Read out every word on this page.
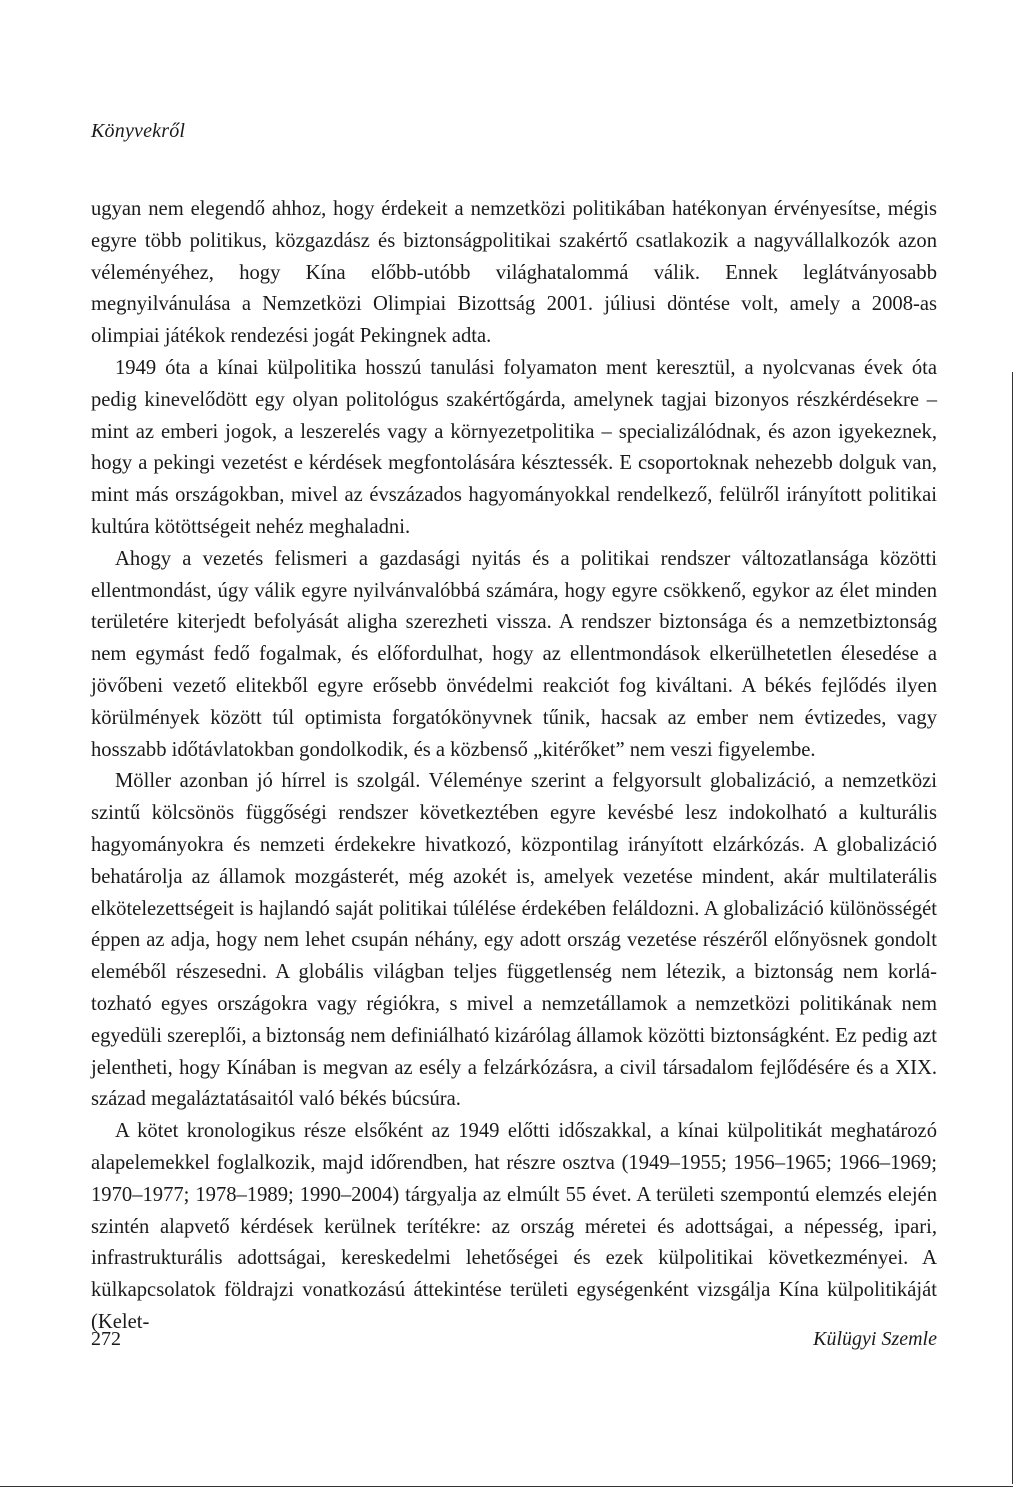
Könyvekről

ugyan nem elegendő ahhoz, hogy érdekeit a nemzetközi politikában hatékonyan érvényesítse, mégis egyre több politikus, közgazdász és biztonságpolitikai szakértő csatlakozik a nagyvállalkozók azon véleményéhez, hogy Kína előbb-utóbb világhatalommá válik. Ennek leglátványosabb megnyilvánulása a Nemzetközi Olimpiai Bizottság 2001. júliusi döntése volt, amely a 2008-as olimpiai játékok rendezési jogát Pekingnek adta.

1949 óta a kínai külpolitika hosszú tanulási folyamaton ment keresztül, a nyolcvanas évek óta pedig kinevelődött egy olyan politológus szakértőgárda, amelynek tagjai bizonyos részkérdésekre – mint az emberi jogok, a leszerelés vagy a környezetpolitika – specializálódnak, és azon igyekeznek, hogy a pekingi vezetést e kérdések megfontolására késztessék. E csoportoknak nehezebb dolguk van, mint más országokban, mivel az évszázados hagyományokkal rendelkező, felülről irányított politikai kultúra kötöttségeit nehéz meghaladni.

Ahogy a vezetés felismeri a gazdasági nyitás és a politikai rendszer változatlansága közötti ellentmondást, úgy válik egyre nyilvánvalóbbá számára, hogy egyre csökkenő, egykor az élet minden területére kiterjedt befolyását aligha szerezheti vissza. A rendszer biztonsága és a nemzetbiztonság nem egymást fedő fogalmak, és előfordulhat, hogy az ellentmondások elkerülhetetlen élesedése a jövőbeni vezető elitekből egyre erősebb önvédelmi reakciót fog kiváltani. A békés fejlődés ilyen körülmények között túl optimista forgatókönyvnek tűnik, hacsak az ember nem évtizedes, vagy hosszabb időtávlatokban gondolkodik, és a közbenső „kitérőket” nem veszi figyelembe.

Möller azonban jó hírrel is szolgál. Véleménye szerint a felgyorsult globalizáció, a nemzetközi szintű kölcsönös függőségi rendszer következtében egyre kevésbé lesz indokolható a kulturális hagyományokra és nemzeti érdekekre hivatkozó, központilag irányított elzárkózás. A globalizáció behatárolja az államok mozgásterét, még azokét is, amelyek vezetése mindent, akár multilaterális elkötelezettségeit is hajlandó saját politikai túlélése érdekében feláldozni. A globalizáció különösségét éppen az adja, hogy nem lehet csupán néhány, egy adott ország vezetése részéről előnyösnek gondolt eleméből részesedni. A globális világban teljes függetlenség nem létezik, a biztonság nem korlátozható egyes országokra vagy régiókra, s mivel a nemzetállamok a nemzetközi politikának nem egyedüli szereplői, a biztonság nem definiálható kizárólag államok közötti biztonságként. Ez pedig azt jelentheti, hogy Kínában is megvan az esély a felzárkózásra, a civil társadalom fejlődésére és a XIX. század megaláztatásaitól való békés búcsúra.

A kötet kronologikus része elsőként az 1949 előtti időszakkal, a kínai külpolitikát meghatározó alapelemekkel foglalkozik, majd időrendben, hat részre osztva (1949–1955; 1956–1965; 1966–1969; 1970–1977; 1978–1989; 1990–2004) tárgyalja az elmúlt 55 évet. A területi szempontú elemzés elején szintén alapvető kérdések kerülnek terítékre: az ország méretei és adottságai, a népesség, ipari, infrastrukturális adottságai, kereskedelmi lehetőségei és ezek külpolitikai következményei. A külkapcsolatok földrajzi vonatkozású áttekintése területi egységenként vizsgálja Kína külpolitikáját (Kelet-

272	Külügyi Szemle
